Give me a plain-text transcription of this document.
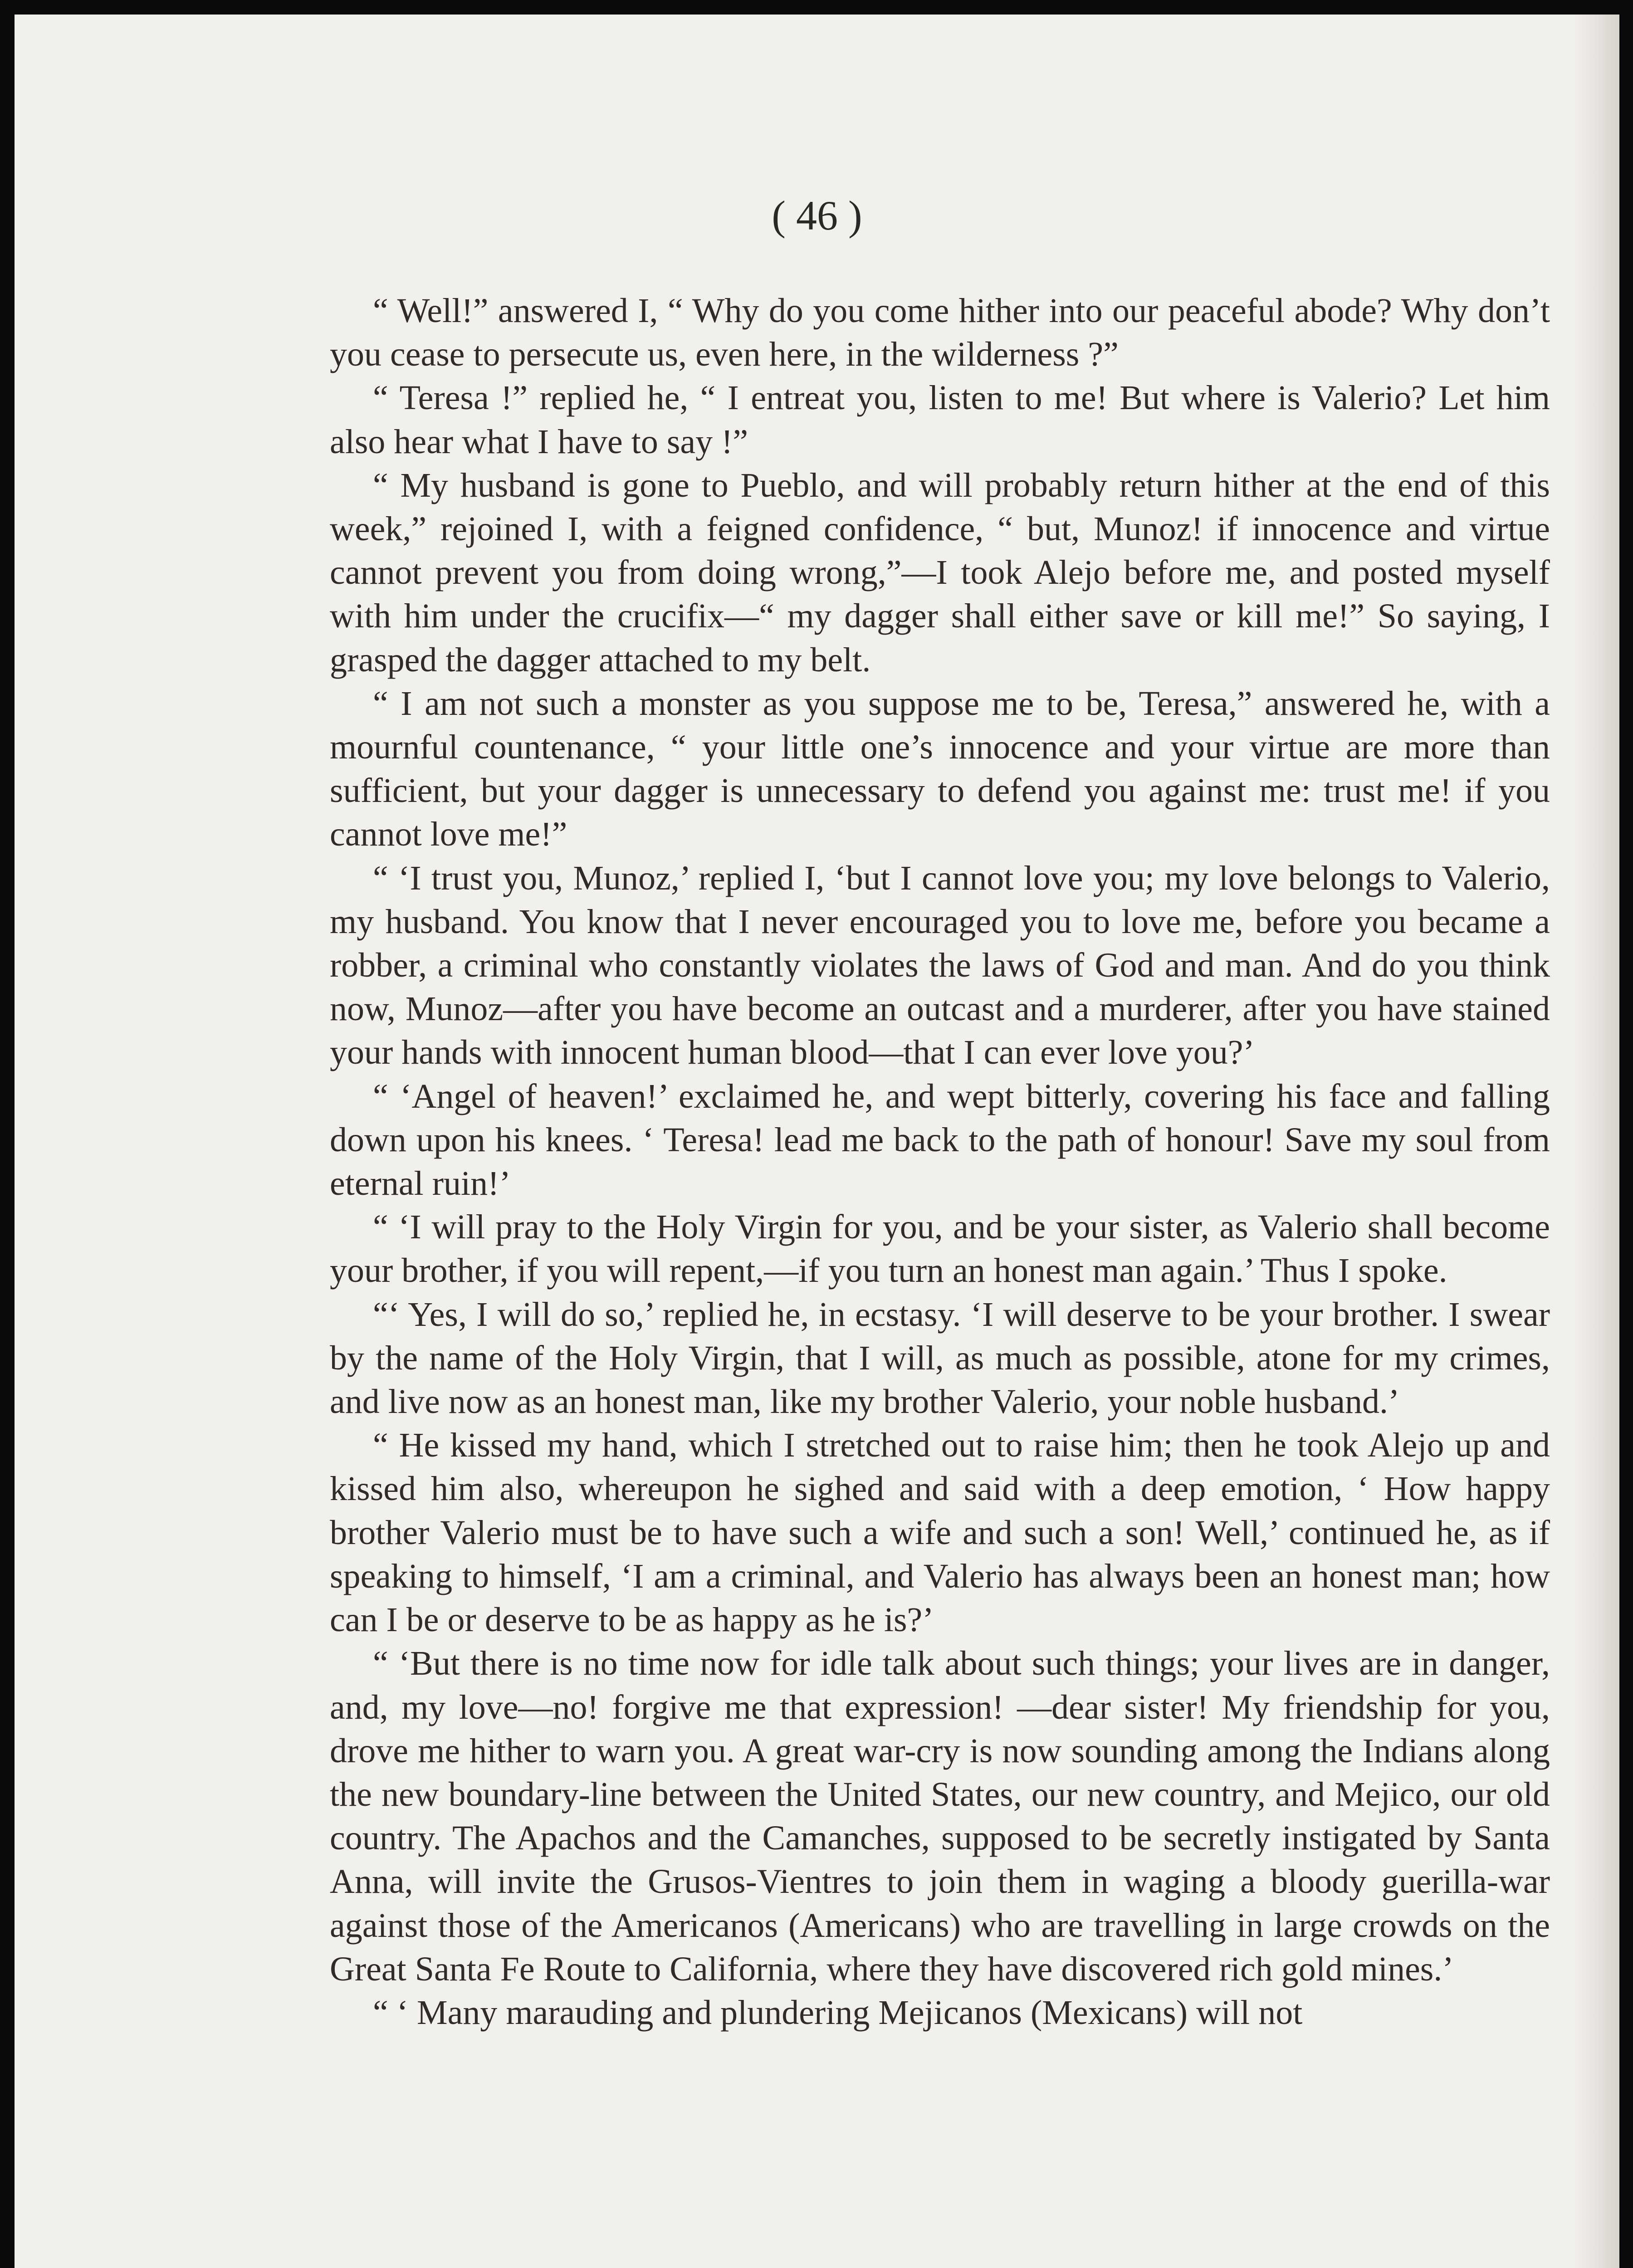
( 46 )

“ Well!” answered I, “ Why do you come hither into our peaceful abode? Why don’t you cease to persecute us, even here, in the wilderness ?”

“ Teresa !” replied he, “ I entreat you, listen to me! But where is Valerio? Let him also hear what I have to say !”

“ My husband is gone to Pueblo, and will probably return hither at the end of this week,” rejoined I, with a feigned confidence, “ but, Munoz! if innocence and virtue cannot prevent you from doing wrong,”—I took Alejo before me, and posted myself with him under the crucifix—“ my dagger shall either save or kill me!” So saying, I grasped the dagger attached to my belt.

“ I am not such a monster as you suppose me to be, Teresa,” answered he, with a mournful countenance, “ your little one’s innocence and your virtue are more than sufficient, but your dagger is unnecessary to defend you against me: trust me! if you cannot love me!”

“ ‘I trust you, Munoz,’ replied I, ‘but I cannot love you; my love belongs to Valerio, my husband. You know that I never encouraged you to love me, before you became a robber, a criminal who constantly violates the laws of God and man. And do you think now, Munoz—after you have become an outcast and a murderer, after you have stained your hands with innocent human blood—that I can ever love you?’

“ ‘Angel of heaven!’ exclaimed he, and wept bitterly, covering his face and falling down upon his knees. ‘ Teresa! lead me back to the path of honour! Save my soul from eternal ruin!’

“ ‘I will pray to the Holy Virgin for you, and be your sister, as Valerio shall become your brother, if you will repent,—if you turn an honest man again.’ Thus I spoke.

“‘ Yes, I will do so,’ replied he, in ecstasy. ‘I will deserve to be your brother. I swear by the name of the Holy Virgin, that I will, as much as possible, atone for my crimes, and live now as an honest man, like my brother Valerio, your noble husband.’

“ He kissed my hand, which I stretched out to raise him; then he took Alejo up and kissed him also, whereupon he sighed and said with a deep emotion, ‘ How happy brother Valerio must be to have such a wife and such a son! Well,’ continued he, as if speaking to himself, ‘I am a criminal, and Valerio has always been an honest man; how can I be or deserve to be as happy as he is?’

“ ‘But there is no time now for idle talk about such things; your lives are in danger, and, my love—no! forgive me that expression! —dear sister! My friendship for you, drove me hither to warn you. A great war-cry is now sounding among the Indians along the new boundary-line between the United States, our new country, and Mejico, our old country. The Apachos and the Camanches, supposed to be secretly instigated by Santa Anna, will invite the Grusos-Vientres to join them in waging a bloody guerilla-war against those of the Americanos (Americans) who are travelling in large crowds on the Great Santa Fe Route to California, where they have discovered rich gold mines.’

“ ‘ Many marauding and plundering Mejicanos (Mexicans) will not
